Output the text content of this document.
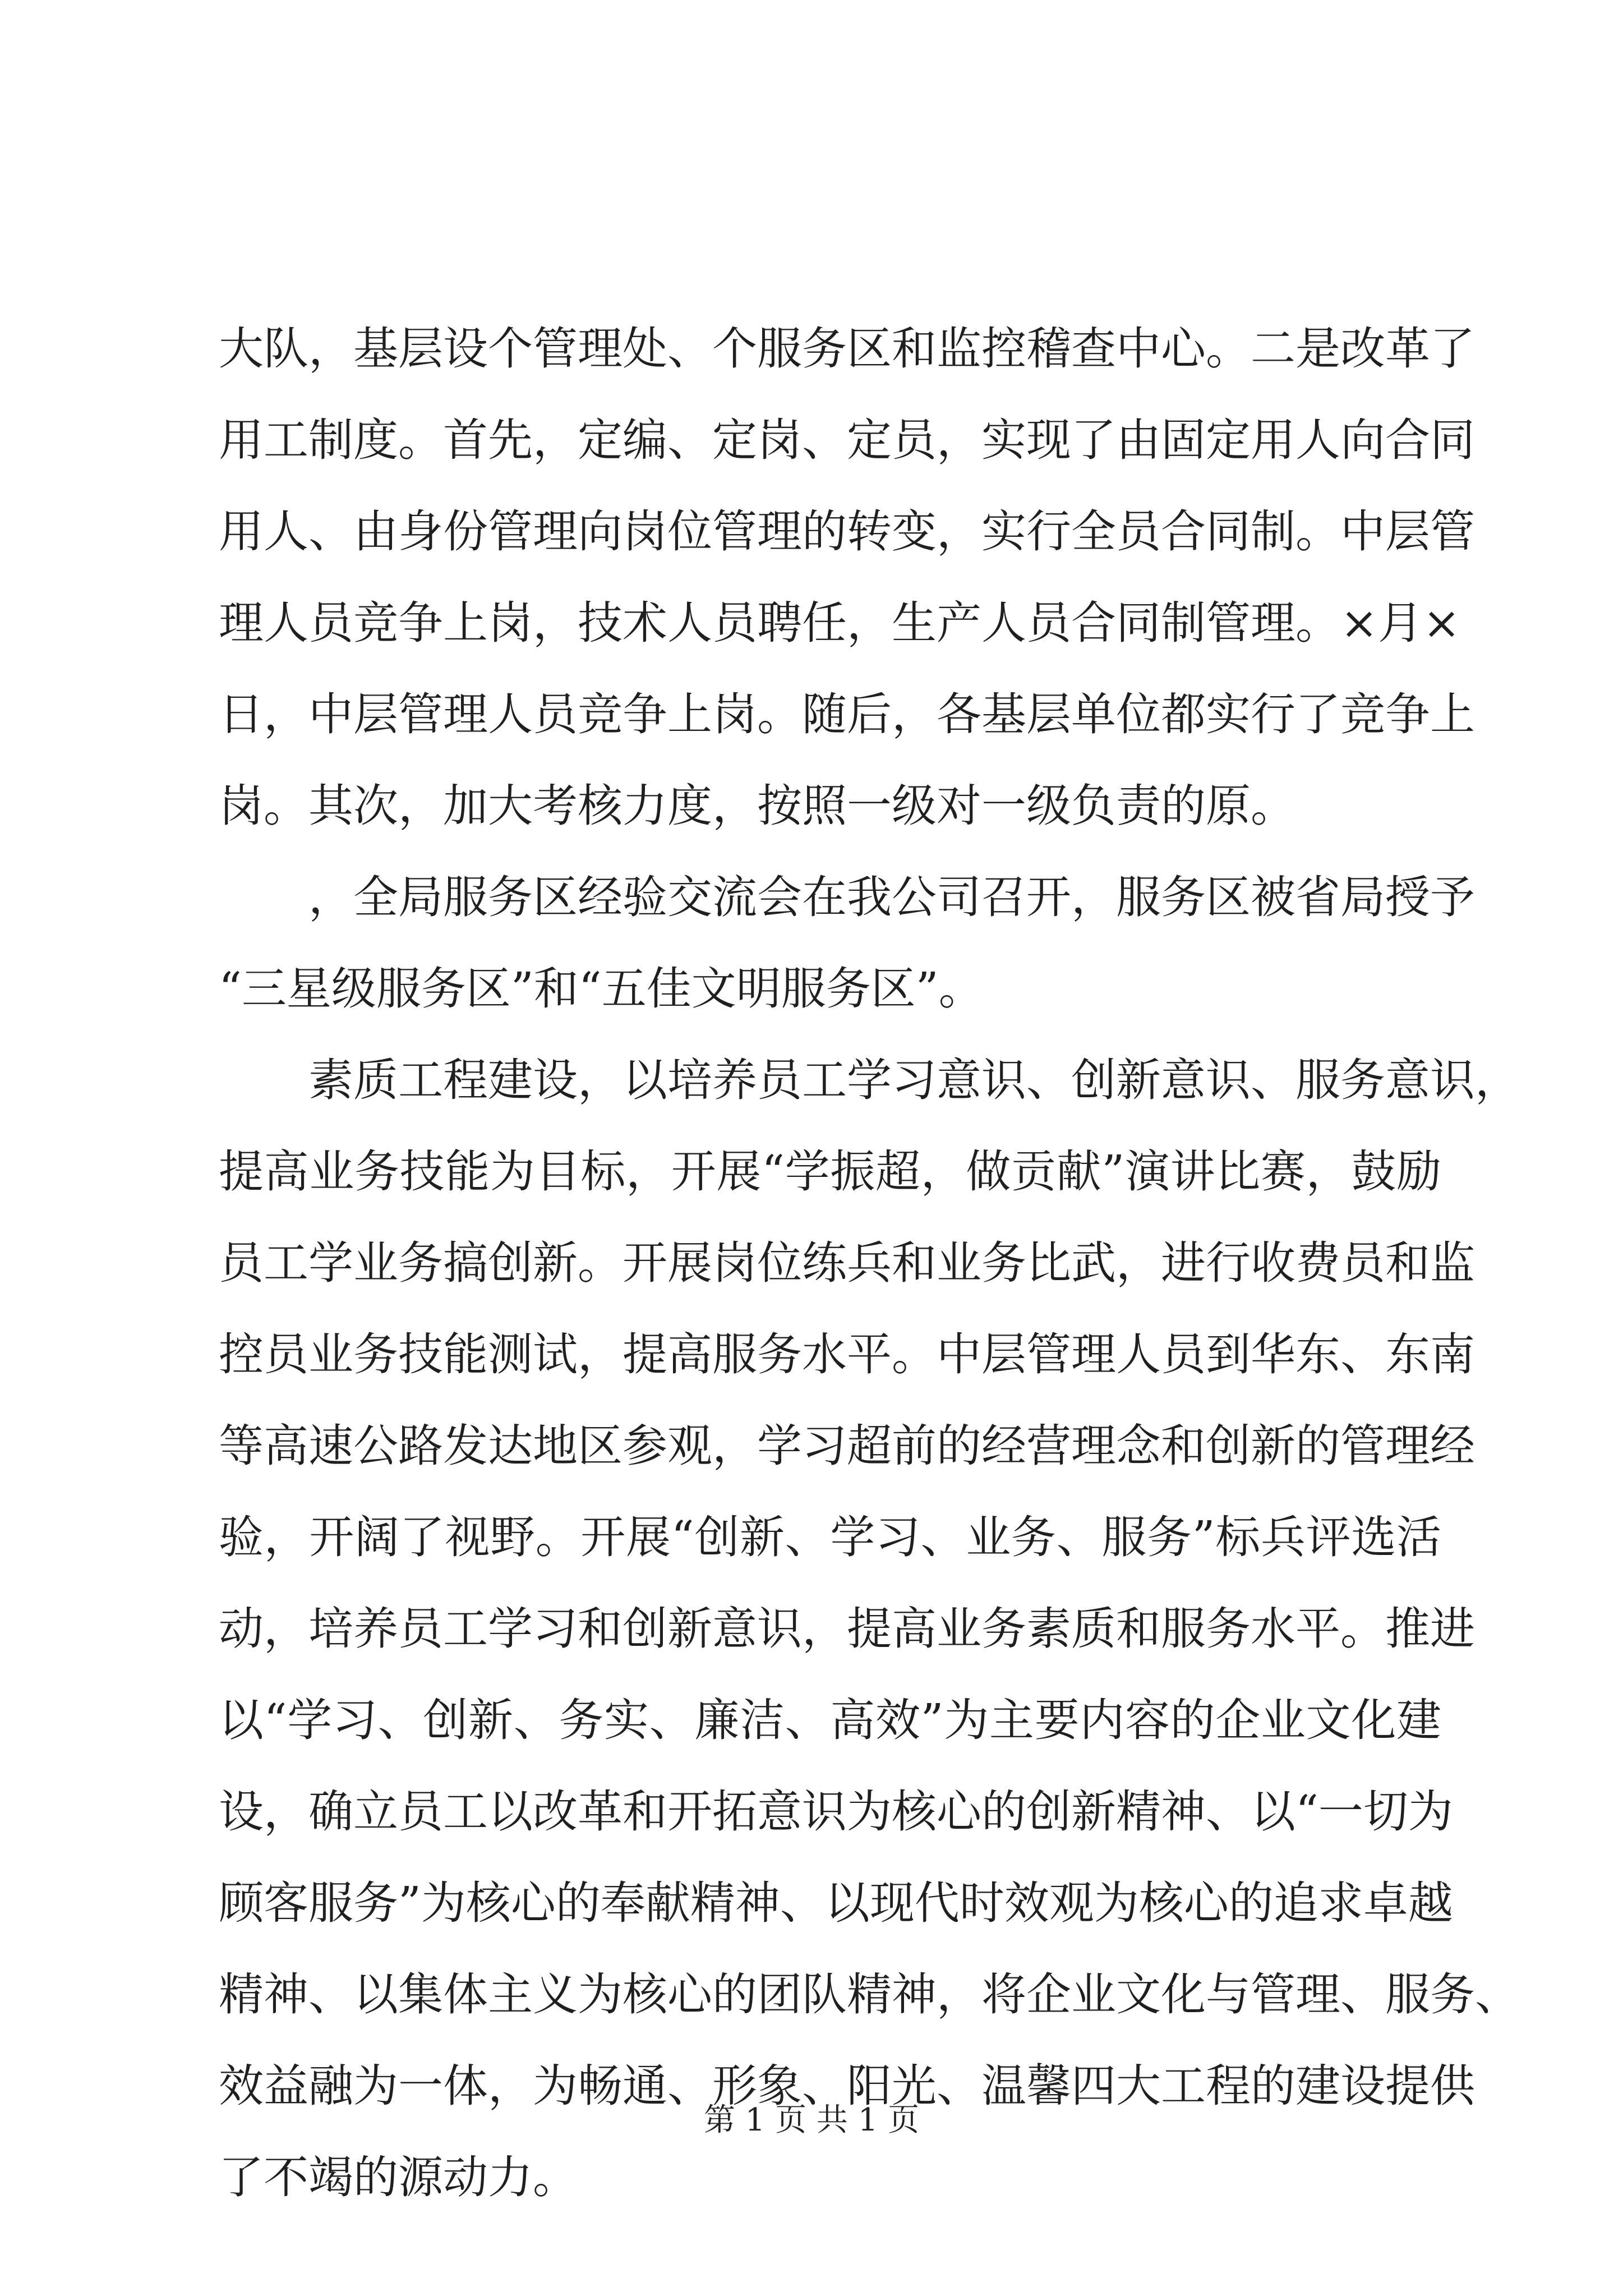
大队，基层设个管理处、个服务区和监控稽查中心。二是改革了
用工制度。首先，定编、定岗、定员，实现了由固定用人向合同
用人、由身份管理向岗位管理的转变，实行全员合同制。中层管
理人员竞争上岗，技术人员聘任，生产人员合同制管理。×月×
日，中层管理人员竞争上岗。随后，各基层单位都实行了竞争上
岗。其次，加大考核力度，按照一级对一级负责的原。
，全局服务区经验交流会在我公司召开，服务区被省局授予
“三星级服务区”和“五佳文明服务区”。
素质工程建设，以培养员工学习意识、创新意识、服务意识，
提高业务技能为目标，开展“学振超，做贡献”演讲比赛，鼓励
员工学业务搞创新。开展岗位练兵和业务比武，进行收费员和监
控员业务技能测试，提高服务水平。中层管理人员到华东、东南
等高速公路发达地区参观，学习超前的经营理念和创新的管理经
验，开阔了视野。开展“创新、学习、业务、服务”标兵评选活
动，培养员工学习和创新意识，提高业务素质和服务水平。推进
以“学习、创新、务实、廉洁、高效”为主要内容的企业文化建
设，确立员工以改革和开拓意识为核心的创新精神、以“一切为
顾客服务”为核心的奉献精神、以现代时效观为核心的追求卓越
精神、以集体主义为核心的团队精神，将企业文化与管理、服务、
效益融为一体，为畅通、形象、阳光、温馨四大工程的建设提供
了不竭的源动力。
第 1 页 共 1 页
